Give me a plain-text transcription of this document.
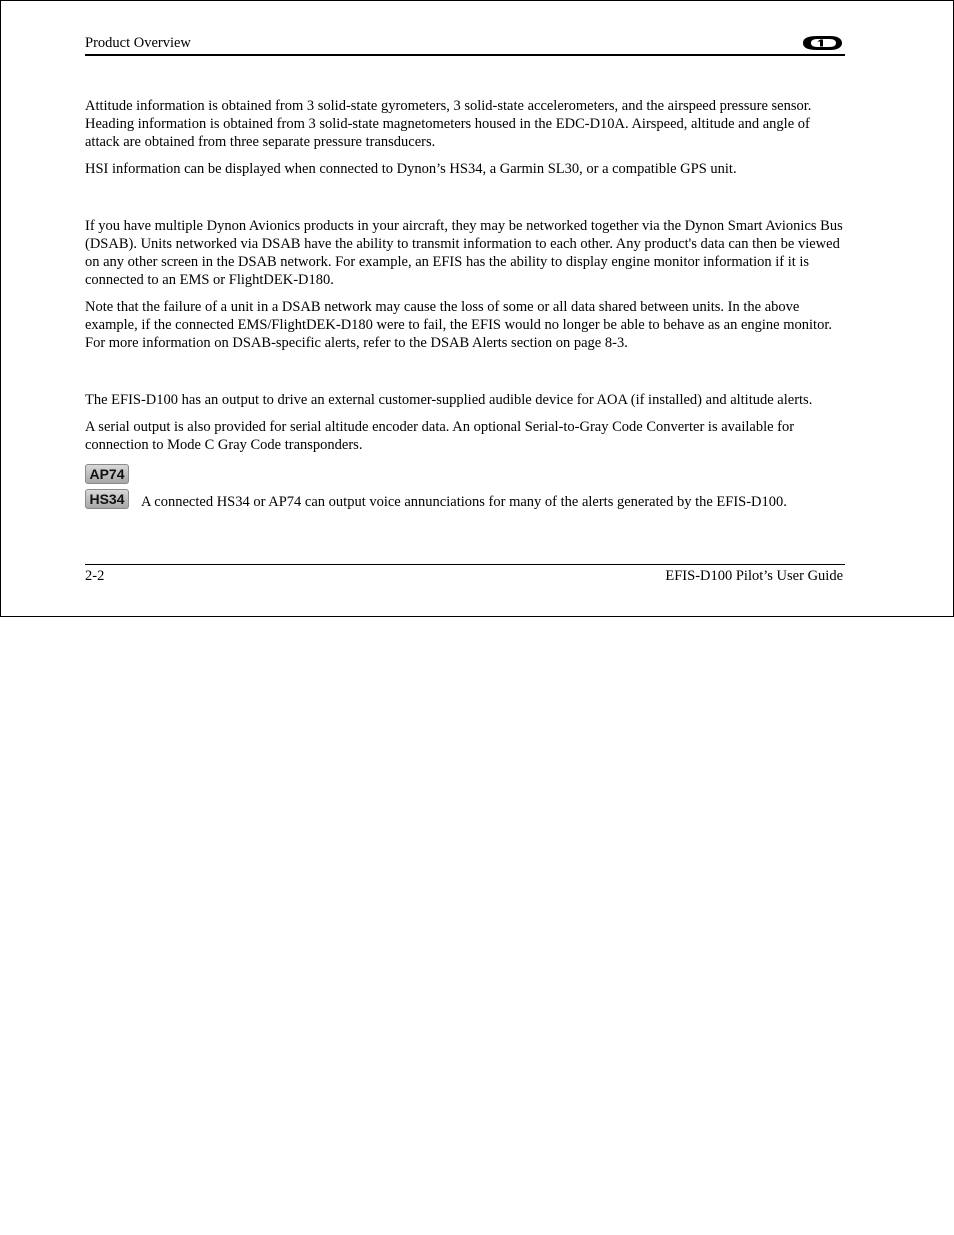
Product Overview

Attitude information is obtained from 3 solid-state gyrometers, 3 solid-state accelerometers, and the airspeed pressure sensor. Heading information is obtained from 3 solid-state magnetometers housed in the EDC-D10A. Airspeed, altitude and angle of attack are obtained from three separate pressure transducers.

HSI information can be displayed when connected to Dynon’s HS34, a Garmin SL30, or a compatible GPS unit.

If you have multiple Dynon Avionics products in your aircraft, they may be networked together via the Dynon Smart Avionics Bus (DSAB). Units networked via DSAB have the ability to transmit information to each other. Any product's data can then be viewed on any other screen in the DSAB network. For example, an EFIS has the ability to display engine monitor information if it is connected to an EMS or FlightDEK-D180.

Note that the failure of a unit in a DSAB network may cause the loss of some or all data shared between units. In the above example, if the connected EMS/FlightDEK-D180 were to fail, the EFIS would no longer be able to behave as an engine monitor. For more information on DSAB-specific alerts, refer to the DSAB Alerts section on page 8-3.

The EFIS-D100 has an output to drive an external customer-supplied audible device for AOA (if installed) and altitude alerts.

A serial output is also provided for serial altitude encoder data. An optional Serial-to-Gray Code Converter is available for connection to Mode C Gray Code transponders.

AP74
HS34	A connected HS34 or AP74 can output voice annunciations for many of the alerts generated by the EFIS-D100.
2-2	EFIS-D100 Pilot’s User Guide
